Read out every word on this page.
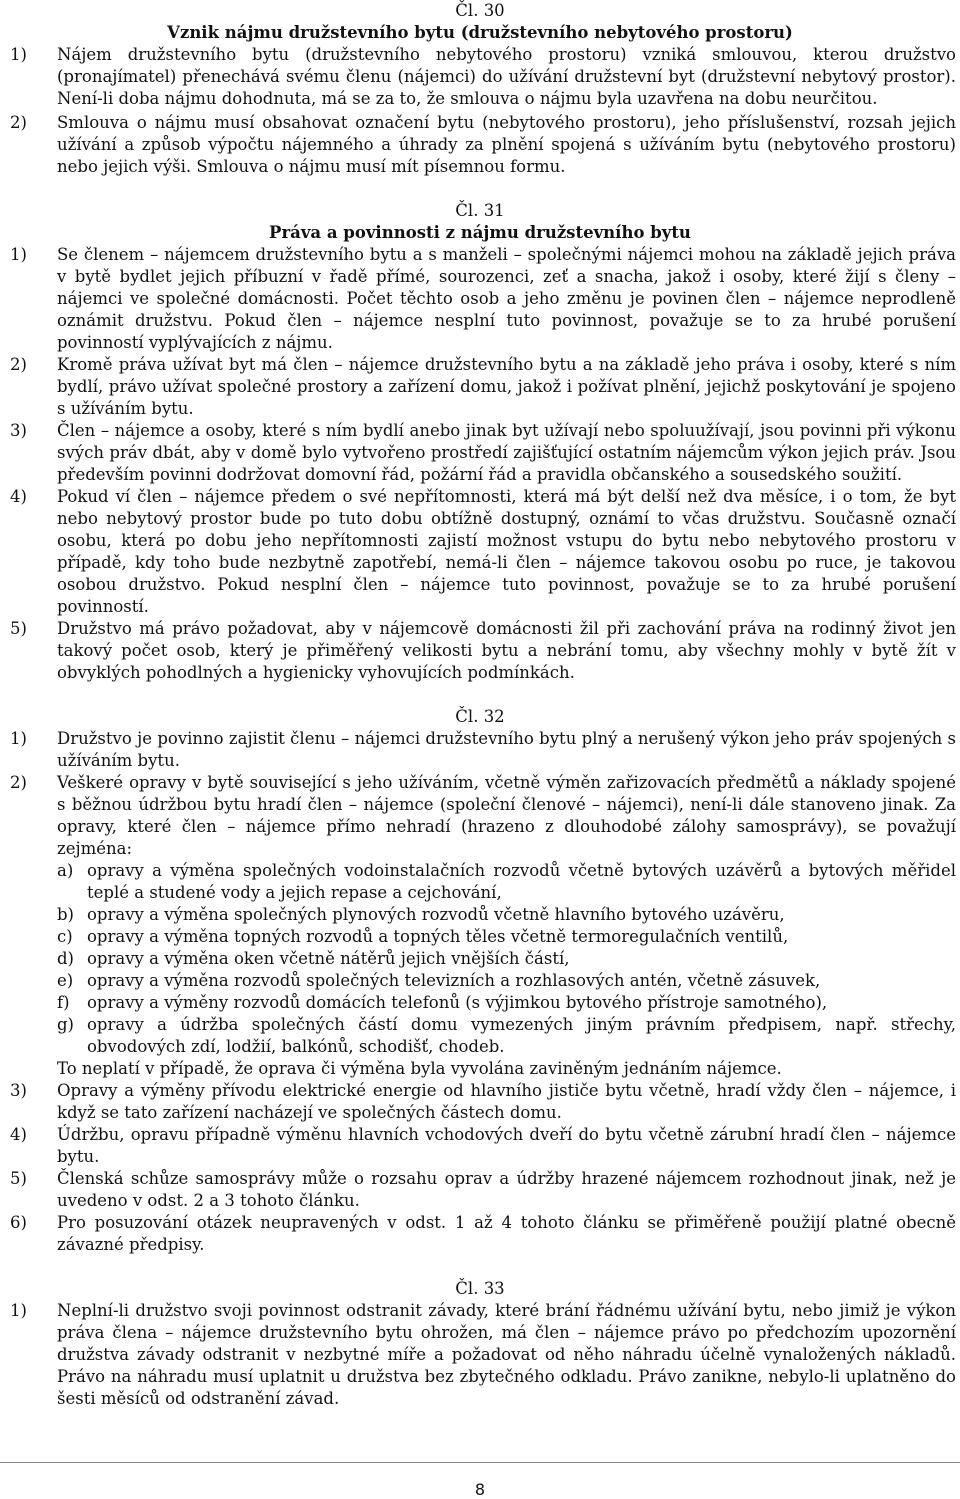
Čl. 30
Vznik nájmu družstevního bytu (družstevního nebytového prostoru)
1) Nájem družstevního bytu (družstevního nebytového prostoru) vzniká smlouvou, kterou družstvo (pronajímatel) přenechává svému členu (nájemci) do užívání družstevní byt (družstevní nebytový prostor). Není-li doba nájmu dohodnuta, má se za to, že smlouva o nájmu byla uzavřena na dobu neurčitou.
2) Smlouva o nájmu musí obsahovat označení bytu (nebytového prostoru), jeho příslušenství, rozsah jejich užívání a způsob výpočtu nájemného a úhrady za plnění spojená s užíváním bytu (nebytového prostoru) nebo jejich výši. Smlouva o nájmu musí mít písemnou formu.
Čl. 31
Práva a povinnosti z nájmu družstevního bytu
1) Se členem – nájemcem družstevního bytu a s manželi – společnými nájemci mohou na základě jejich práva v bytě bydlet jejich příbuzní v řadě přímé, sourozenci, zeť a snacha, jakož i osoby, které žijí s členy – nájemci ve společné domácnosti. Počet těchto osob a jeho změnu je povinen člen – nájemce neprodleně oznámit družstvu. Pokud člen – nájemce nesplní tuto povinnost, považuje se to za hrubé porušení povinností vyplývajících z nájmu.
2) Kromě práva užívat byt má člen – nájemce družstevního bytu a na základě jeho práva i osoby, které s ním bydlí, právo užívat společné prostory a zařízení domu, jakož i požívat plnění, jejichž poskytování je spojeno s užíváním bytu.
3) Člen – nájemce a osoby, které s ním bydlí anebo jinak byt užívají nebo spoluužívají, jsou povinni při výkonu svých práv dbát, aby v domě bylo vytvořeno prostředí zajišťující ostatním nájemcům výkon jejich práv. Jsou především povinni dodržovat domovní řád, požární řád a pravidla občanského a sousedského soužití.
4) Pokud ví člen – nájemce předem o své nepřítomnosti, která má být delší než dva měsíce, i o tom, že byt nebo nebytový prostor bude po tuto dobu obtížně dostupný, oznámí to včas družstvu. Současně označí osobu, která po dobu jeho nepřítomnosti zajistí možnost vstupu do bytu nebo nebytového prostoru v případě, kdy toho bude nezbytně zapotřebí, nemá-li člen – nájemce takovou osobu po ruce, je takovou osobou družstvo. Pokud nesplní člen – nájemce tuto povinnost, považuje se to za hrubé porušení povinností.
5) Družstvo má právo požadovat, aby v nájemcově domácnosti žil při zachování práva na rodinný život jen takový počet osob, který je přiměřený velikosti bytu a nebrání tomu, aby všechny mohly v bytě žít v obvyklých pohodlných a hygienicky vyhovujících podmínkách.
Čl. 32
1) Družstvo je povinno zajistit členu – nájemci družstevního bytu plný a nerušený výkon jeho práv spojených s užíváním bytu.
2) Veškeré opravy v bytě související s jeho užíváním, včetně výměn zařizovacích předmětů a náklady spojené s běžnou údržbou bytu hradí člen – nájemce (společní členové – nájemci), není-li dále stanoveno jinak. Za opravy, které člen – nájemce přímo nehradí (hrazeno z dlouhodobé zálohy samosprávy), se považují zejména:
a) opravy a výměna společných vodoinstalačních rozvodů včetně bytových uzávěrů a bytových měřidel teplé a studené vody a jejich repase a cejchování,
b) opravy a výměna společných plynových rozvodů včetně hlavního bytového uzávěru,
c) opravy a výměna topných rozvodů a topných těles včetně termoregulačních ventilů,
d) opravy a výměna oken včetně nátěrů jejich vnějších částí,
e) opravy a výměna rozvodů společných televizních a rozhlasových antén, včetně zásuvek,
f) opravy a výměny rozvodů domácích telefonů (s výjimkou bytového přístroje samotného),
g) opravy a údržba společných částí domu vymezených jiným právním předpisem, např. střechy, obvodových zdí, lodžií, balkónů, schodišť, chodeb.
To neplatí v případě, že oprava či výměna byla vyvolána zaviněným jednáním nájemce.
3) Opravy a výměny přívodu elektrické energie od hlavního jističe bytu včetně, hradí vždy člen – nájemce, i když se tato zařízení nacházejí ve společných částech domu.
4) Údržbu, opravu případně výměnu hlavních vchodových dveří do bytu včetně zárubní hradí člen – nájemce bytu.
5) Členská schůze samosprávy může o rozsahu oprav a údržby hrazené nájemcem rozhodnout jinak, než je uvedeno v odst. 2 a 3 tohoto článku.
6) Pro posuzování otázek neupravených v odst. 1 až 4 tohoto článku se přiměřeně použijí platné obecně závazné předpisy.
Čl. 33
1) Neplní-li družstvo svoji povinnost odstranit závady, které brání řádnému užívání bytu, nebo jimiž je výkon práva člena – nájemce družstevního bytu ohrožen, má člen – nájemce právo po předchozím upozornění družstva závady odstranit v nezbytné míře a požadovat od něho náhradu účelně vynaložených nákladů. Právo na náhradu musí uplatnit u družstva bez zbytečného odkladu. Právo zanikne, nebylo-li uplatněno do šesti měsíců od odstranění závad.
8
